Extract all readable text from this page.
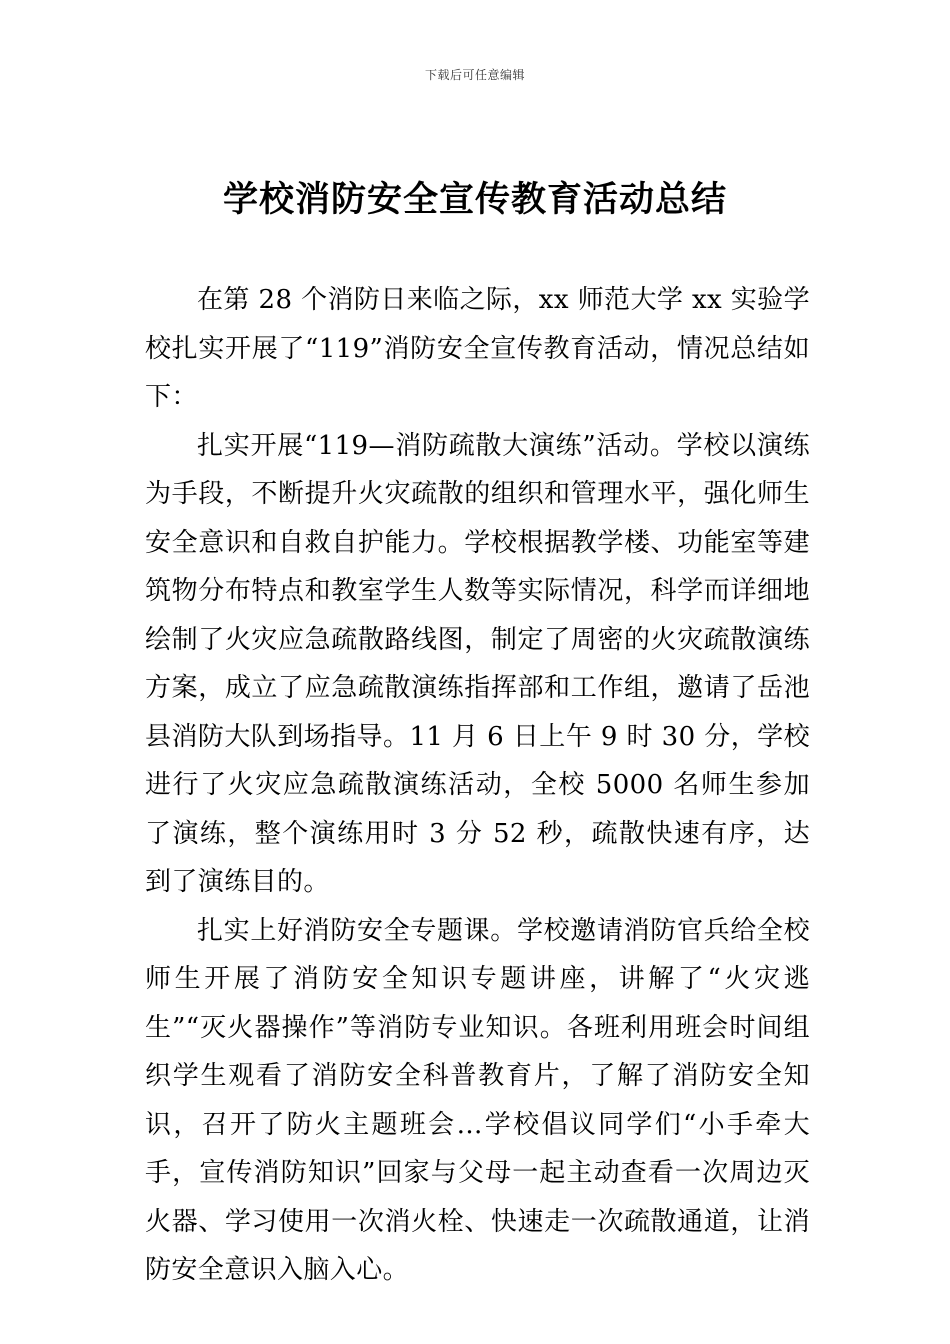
下载后可任意编辑
学校消防安全宣传教育活动总结

在第 28 个消防日来临之际，xx 师范大学 xx 实验学校扎实开展了“119”消防安全宣传教育活动，情况总结如下：

扎实开展“119—消防疏散大演练”活动。学校以演练为手段，不断提升火灾疏散的组织和管理水平，强化师生安全意识和自救自护能力。学校根据教学楼、功能室等建筑物分布特点和教室学生人数等实际情况，科学而详细地绘制了火灾应急疏散路线图，制定了周密的火灾疏散演练方案，成立了应急疏散演练指挥部和工作组，邀请了岳池县消防大队到场指导。11 月 6 日上午 9 时 30 分，学校进行了火灾应急疏散演练活动，全校 5000 名师生参加了演练，整个演练用时 3 分 52 秒，疏散快速有序，达到了演练目的。

扎实上好消防安全专题课。学校邀请消防官兵给全校师生开展了消防安全知识专题讲座，讲解了“火灾逃生”“灭火器操作”等消防专业知识。各班利用班会时间组织学生观看了消防安全科普教育片，了解了消防安全知识，召开了防火主题班会…学校倡议同学们“小手牵大手，宣传消防知识”回家与父母一起主动查看一次周边灭火器、学习使用一次消火栓、快速走一次疏散通道，让消防安全意识入脑入心。
